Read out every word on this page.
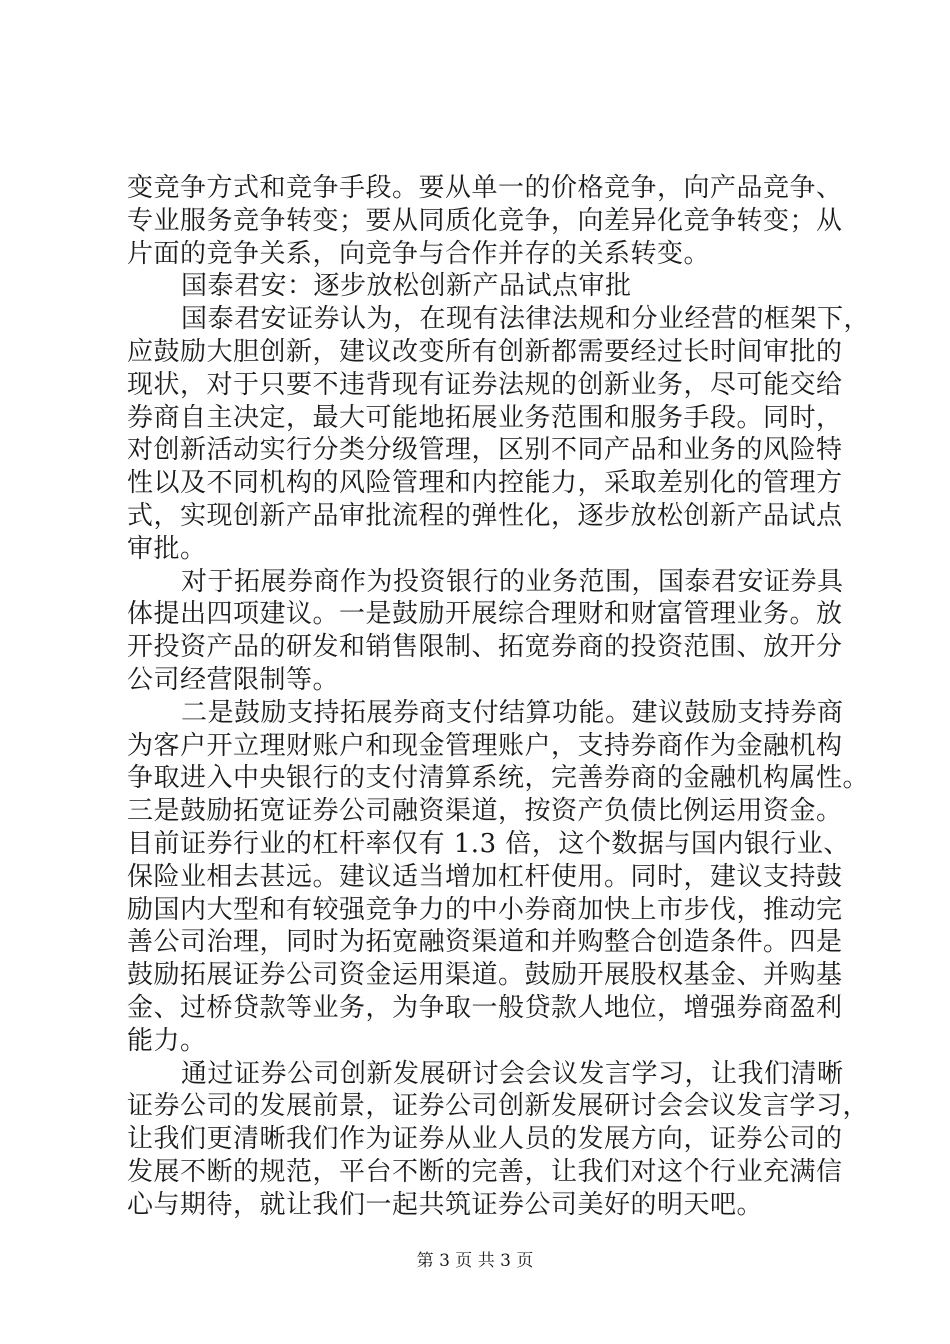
变竞争方式和竞争手段。要从单一的价格竞争，向产品竞争、
专业服务竞争转变；要从同质化竞争，向差异化竞争转变；从
片面的竞争关系，向竞争与合作并存的关系转变。
国泰君安：逐步放松创新产品试点审批
国泰君安证券认为，在现有法律法规和分业经营的框架下，
应鼓励大胆创新，建议改变所有创新都需要经过长时间审批的
现状，对于只要不违背现有证券法规的创新业务，尽可能交给
券商自主决定，最大可能地拓展业务范围和服务手段。同时，
对创新活动实行分类分级管理，区别不同产品和业务的风险特
性以及不同机构的风险管理和内控能力，采取差别化的管理方
式，实现创新产品审批流程的弹性化，逐步放松创新产品试点
审批。
对于拓展券商作为投资银行的业务范围，国泰君安证券具
体提出四项建议。一是鼓励开展综合理财和财富管理业务。放
开投资产品的研发和销售限制、拓宽券商的投资范围、放开分
公司经营限制等。
二是鼓励支持拓展券商支付结算功能。建议鼓励支持券商
为客户开立理财账户和现金管理账户，支持券商作为金融机构
争取进入中央银行的支付清算系统，完善券商的金融机构属性。
三是鼓励拓宽证券公司融资渠道，按资产负债比例运用资金。
目前证券行业的杠杆率仅有 1.3 倍，这个数据与国内银行业、
保险业相去甚远。建议适当增加杠杆使用。同时，建议支持鼓
励国内大型和有较强竞争力的中小券商加快上市步伐，推动完
善公司治理，同时为拓宽融资渠道和并购整合创造条件。四是
鼓励拓展证券公司资金运用渠道。鼓励开展股权基金、并购基
金、过桥贷款等业务，为争取一般贷款人地位，增强券商盈利
能力。
通过证券公司创新发展研讨会会议发言学习，让我们清晰
证券公司的发展前景，证券公司创新发展研讨会会议发言学习，
让我们更清晰我们作为证券从业人员的发展方向，证券公司的
发展不断的规范，平台不断的完善，让我们对这个行业充满信
心与期待，就让我们一起共筑证券公司美好的明天吧。
第 3 页 共 3 页
